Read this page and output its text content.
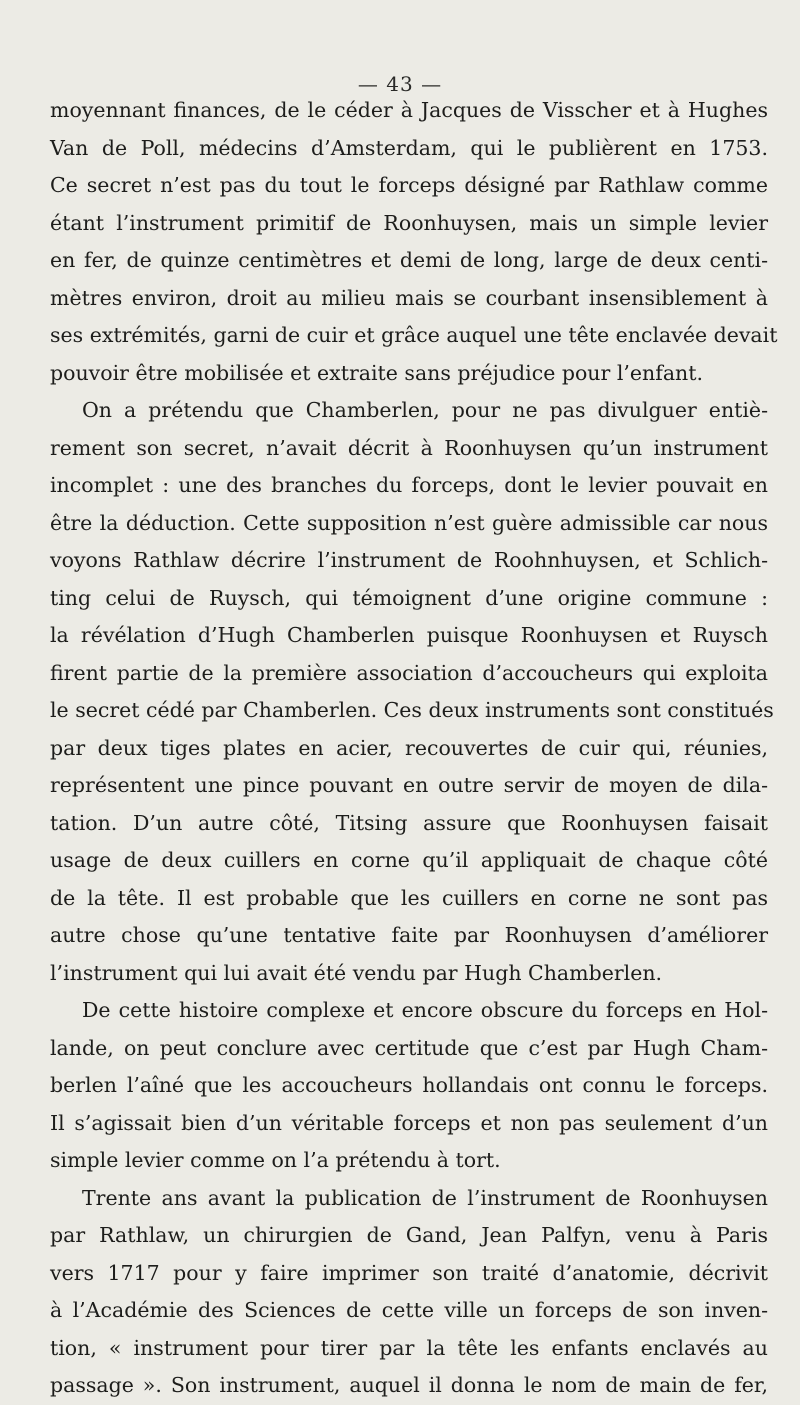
— 43 —
moyennant finances, de le céder à Jacques de Visscher et à Hughes
Van de Poll, médecins d’Amsterdam, qui le publièrent en 1753.
Ce secret n’est pas du tout le forceps désigné par Rathlaw comme
étant l’instrument primitif de Roonhuysen, mais un simple levier
en fer, de quinze centimètres et demi de long, large de deux centi-
mètres environ, droit au milieu mais se courbant insensiblement à
ses extrémités, garni de cuir et grâce auquel une tête enclavée devait
pouvoir être mobilisée et extraite sans préjudice pour l’enfant.
On a prétendu que Chamberlen, pour ne pas divulguer entiè-
rement son secret, n’avait décrit à Roonhuysen qu’un instrument
incomplet : une des branches du forceps, dont le levier pouvait en
être la déduction. Cette supposition n’est guère admissible car nous
voyons Rathlaw décrire l’instrument de Roohnhuysen, et Schlich-
ting celui de Ruysch, qui témoignent d’une origine commune :
la révélation d’Hugh Chamberlen puisque Roonhuysen et Ruysch
firent partie de la première association d’accoucheurs qui exploita
le secret cédé par Chamberlen. Ces deux instruments sont constitués
par deux tiges plates en acier, recouvertes de cuir qui, réunies,
représentent une pince pouvant en outre servir de moyen de dila-
tation. D’un autre côté, Titsing assure que Roonhuysen faisait
usage de deux cuillers en corne qu’il appliquait de chaque côté
de la tête. Il est probable que les cuillers en corne ne sont pas
autre chose qu’une tentative faite par Roonhuysen d’améliorer
l’instrument qui lui avait été vendu par Hugh Chamberlen.
De cette histoire complexe et encore obscure du forceps en Hol-
lande, on peut conclure avec certitude que c’est par Hugh Cham-
berlen l’aîné que les accoucheurs hollandais ont connu le forceps.
Il s’agissait bien d’un véritable forceps et non pas seulement d’un
simple levier comme on l’a prétendu à tort.
Trente ans avant la publication de l’instrument de Roonhuysen
par Rathlaw, un chirurgien de Gand, Jean Palfyn, venu à Paris
vers 1717 pour y faire imprimer son traité d’anatomie, décrivit
à l’Académie des Sciences de cette ville un forceps de son inven-
tion, « instrument pour tirer par la tête les enfants enclavés au
passage ». Son instrument, auquel il donna le nom de main de fer,
